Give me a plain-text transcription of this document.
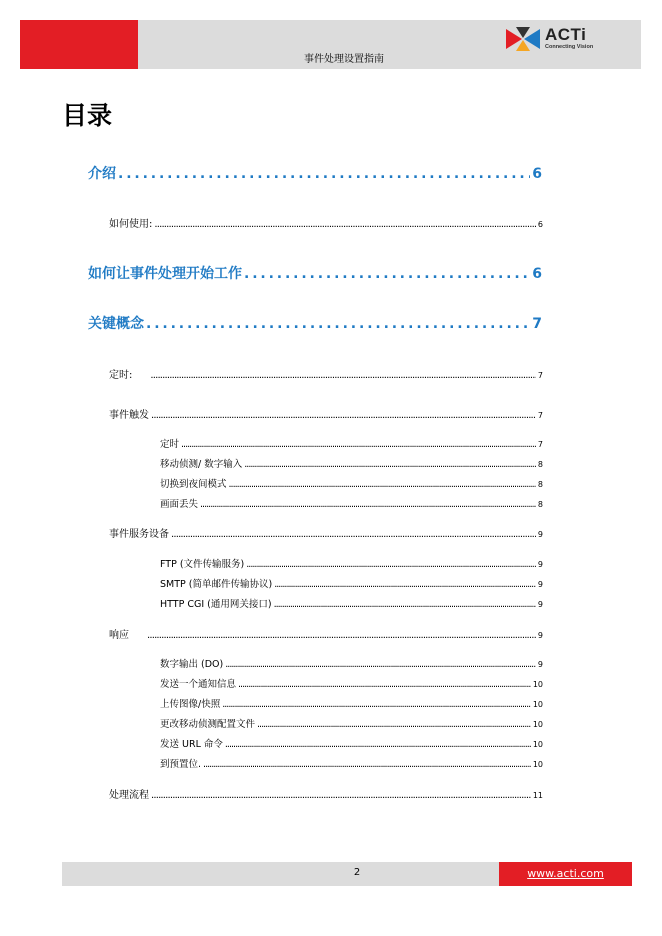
事件处理设置指南
ACTi
Connecting Vision
目录
介绍 . . .	6
如何使用: . . .	6
如何让事件处理开始工作 . . .	6
关键概念 . . .	7
定时: . . .	7
事件触发 . . .	7
定时 . . .	7
移动侦测/ 数字输入 . . .	8
切换到夜间模式 . . .	8
画面丢失 . . .	8
事件服务设备 . . .	9
FTP (文件传输服务) . . .	9
SMTP (简单邮件传输协议) . . .	9
HTTP CGI (通用网关接口) . . .	9
响应 . . .	9
数字输出 (DO) . . .	9
发送一个通知信息 . . .	10
上传图像/快照 . . .	10
更改移动侦测配置文件 . . .	10
发送 URL 命令 . . .	10
到预置位. . . .	10
处理流程 . . .	11
2	www.acti.com
